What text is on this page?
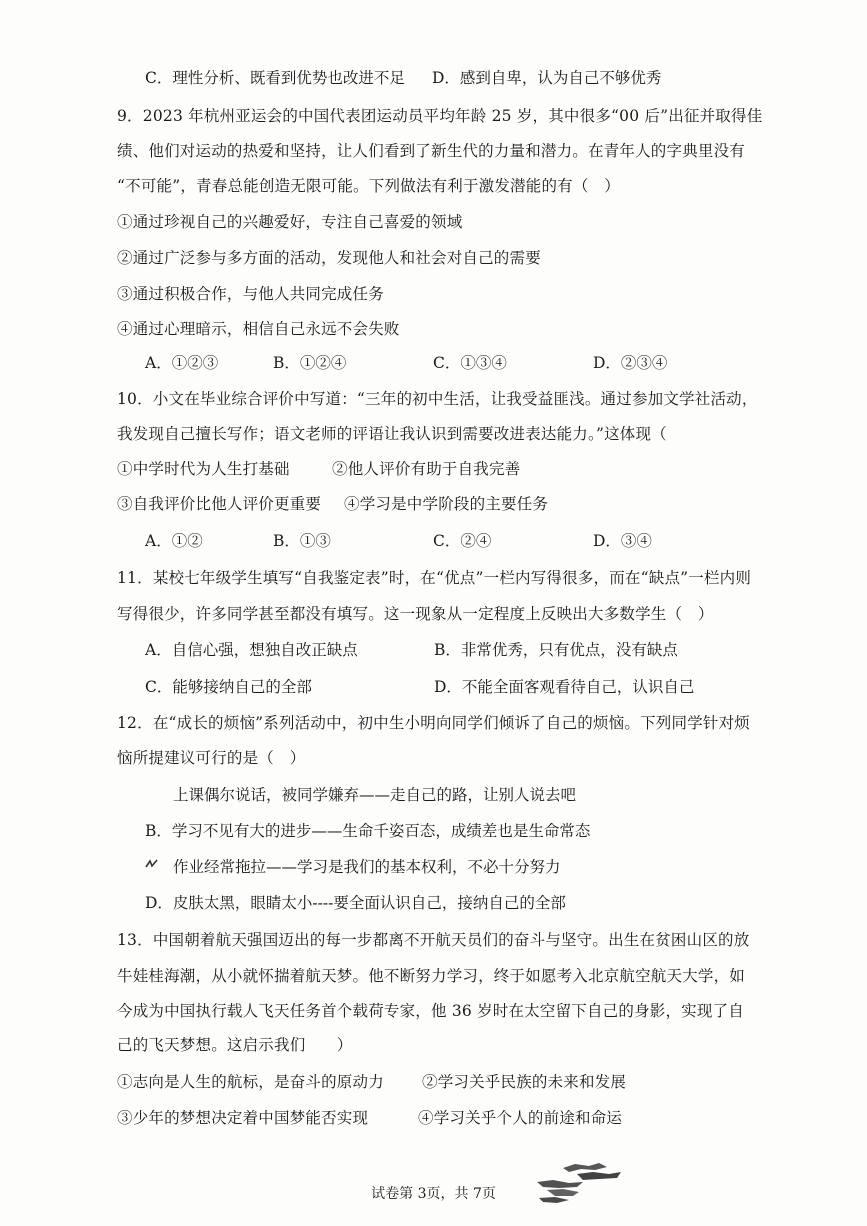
C．理性分析、既看到优势也改进不足 D．感到自卑，认为自己不够优秀
9．2023 年杭州亚运会的中国代表团运动员平均年龄 25 岁，其中很多“00 后”出征并取得佳
绩、他们对运动的热爱和坚持，让人们看到了新生代的力量和潜力。在青年人的字典里没有
“不可能”，青春总能创造无限可能。下列做法有利于激发潜能的有（　）
①通过珍视自己的兴趣爱好，专注自己喜爱的领域
②通过广泛参与多方面的活动，发现他人和社会对自己的需要
③通过积极合作，与他人共同完成任务
④通过心理暗示，相信自己永远不会失败
A．①②③	B．①②④	C．①③④	D．②③④
10．小文在毕业综合评价中写道：“三年的初中生活，让我受益匪浅。通过参加文学社活动，
我发现自己擅长写作；语文老师的评语让我认识到需要改进表达能力。”这体现（
①中学时代为人生打基础	②他人评价有助于自我完善
③自我评价比他人评价更重要 ④学习是中学阶段的主要任务
A．①②	B．①③	C．②④	D．③④
11．某校七年级学生填写“自我鉴定表”时，在“优点”一栏内写得很多，而在“缺点”一栏内则
写得很少，许多同学甚至都没有填写。这一现象从一定程度上反映出大多数学生（　）
A．自信心强，想独自改正缺点	B．非常优秀，只有优点，没有缺点
C．能够接纳自己的全部	D．不能全面客观看待自己，认识自己
12．在“成长的烦恼”系列活动中，初中生小明向同学们倾诉了自己的烦恼。下列同学针对烦
恼所提建议可行的是（　）
上课偶尔说话，被同学嫌弃——走自己的路，让别人说去吧
B．学习不见有大的进步——生命千姿百态，成绩差也是生命常态
作业经常拖拉——学习是我们的基本权利，不必十分努力
D．皮肤太黑，眼睛太小----要全面认识自己，接纳自己的全部
13．中国朝着航天强国迈出的每一步都离不开航天员们的奋斗与坚守。出生在贫困山区的放
牛娃桂海潮，从小就怀揣着航天梦。他不断努力学习，终于如愿考入北京航空航天大学，如
今成为中国执行载人飞天任务首个载荷专家，他 36 岁时在太空留下自己的身影，实现了自
己的飞天梦想。这启示我们　　）
①志向是人生的航标，是奋斗的原动力 ②学习关乎民族的未来和发展
③少年的梦想决定着中国梦能否实现	④学习关乎个人的前途和命运
试卷第 3页，共 7页
